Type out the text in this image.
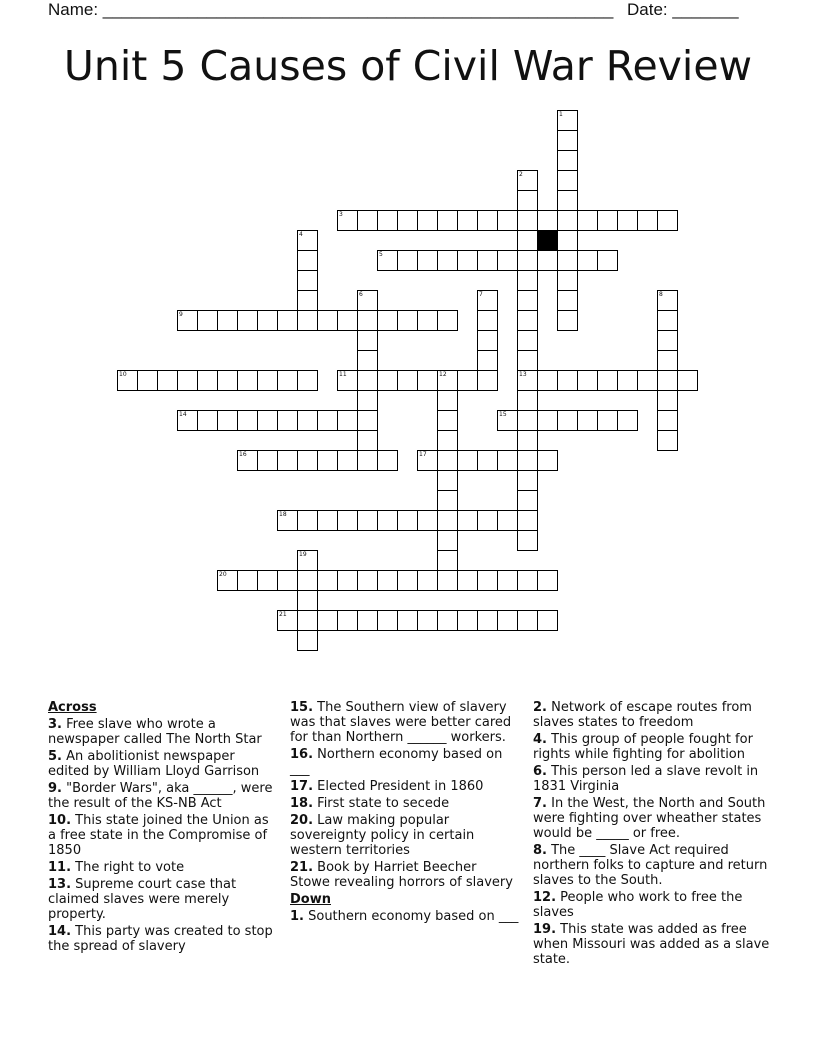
Name: ______________________________________________________ Date: _______
Unit 5 Causes of Civil War Review
1
2
13
3
4
5
6	7	8
9
10	11	12
14	15
16	17
18
19
20
21
Across
3. Free slave who wrote a newspaper called The North Star
5. An abolitionist newspaper edited by William Lloyd Garrison
9. "Border Wars", aka ______, were the result of the KS-NB Act
10. This state joined the Union as a free state in the Compromise of 1850
11. The right to vote
13. Supreme court case that claimed slaves were merely property.
14. This party was created to stop the spread of slavery
15. The Southern view of slavery was that slaves were better cared for than Northern ______ workers.
16. Northern economy based on ___
17. Elected President in 1860
18. First state to secede
20. Law making popular sovereignty policy in certain western territories
21. Book by Harriet Beecher Stowe revealing horrors of slavery
Down
1. Southern economy based on ___
2. Network of escape routes from slaves states to freedom
4. This group of people fought for rights while fighting for abolition
6. This person led a slave revolt in 1831 Virginia
7. In the West, the North and South were fighting over wheather states would be _____ or free.
8. The ____ Slave Act required northern folks to capture and return slaves to the South.
12. People who work to free the slaves
19. This state was added as free when Missouri was added as a slave state.
